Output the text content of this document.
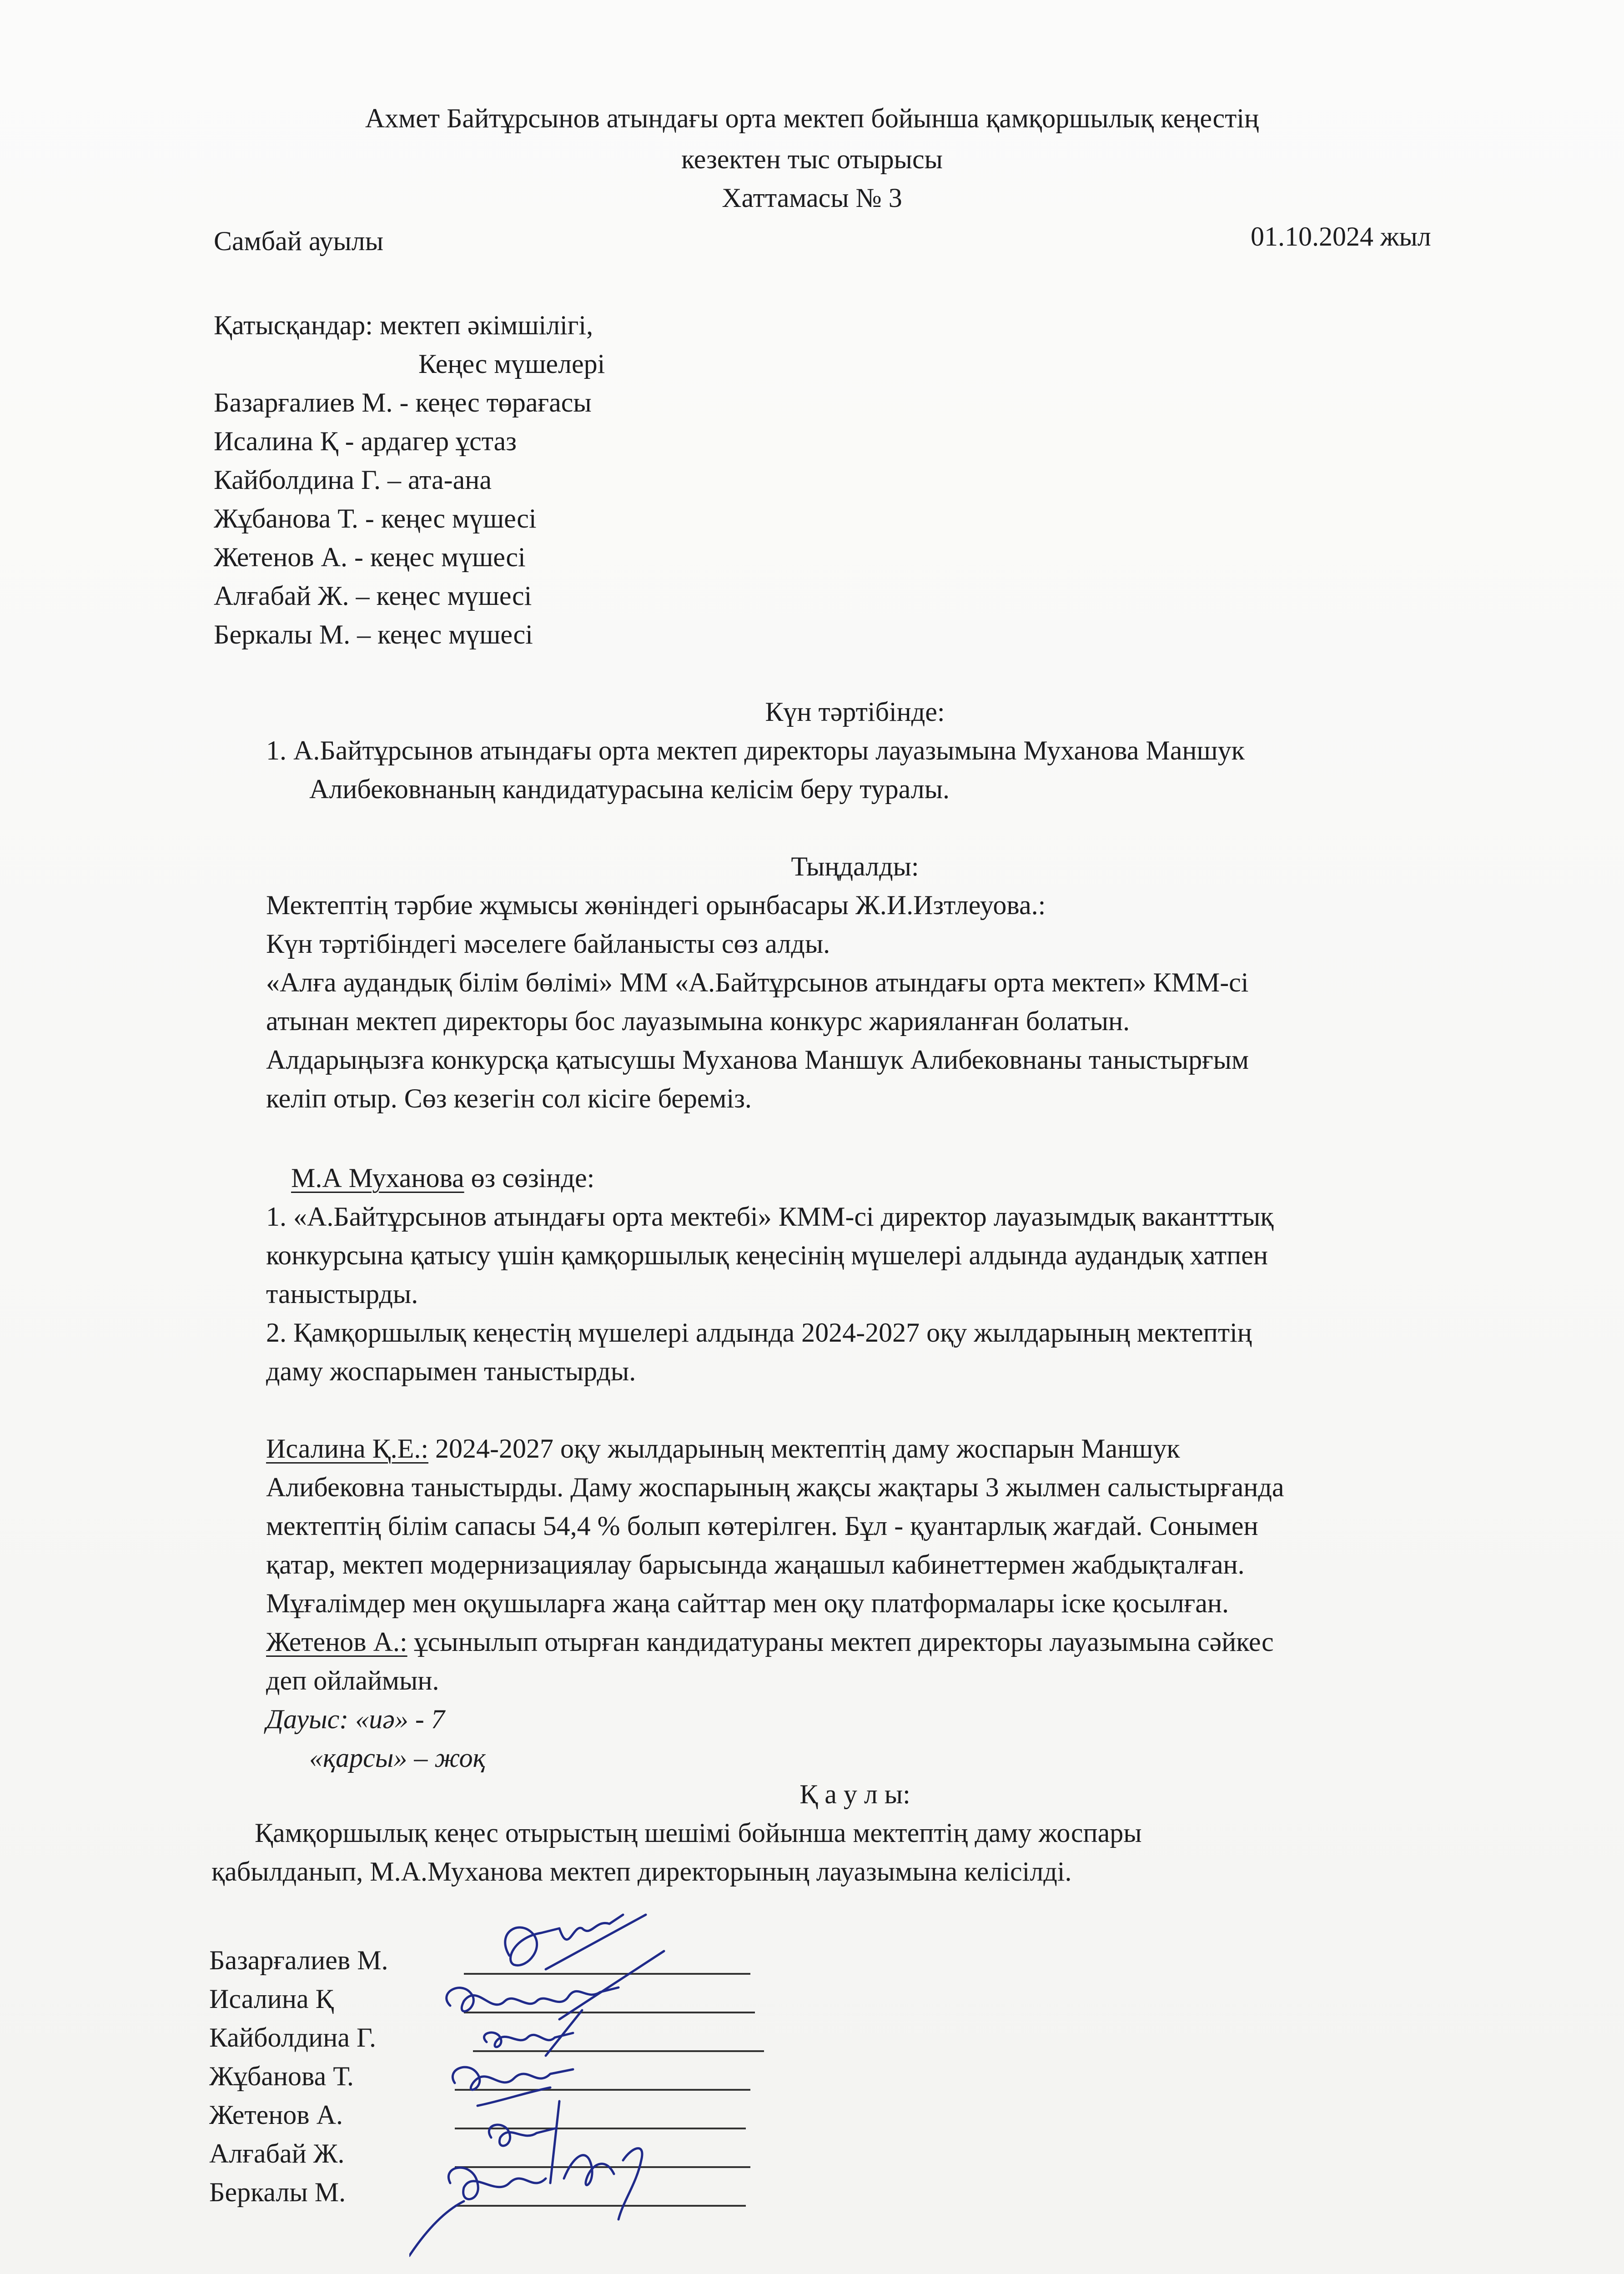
Ахмет Байтұрсынов атындағы орта мектеп бойынша қамқоршылық кеңестің
кезектен тыс отырысы
Хаттамасы № 3
Самбай ауылы	01.10.2024 жыл
Қатысқандар: мектеп әкімшілігі,
Кеңес мүшелері
Базарғалиев М. - кеңес төрағасы
Исалина Қ - ардагер ұстаз
Кайболдина Г. – ата-ана
Жұбанова Т. - кеңес мүшесі
Жетенов А. - кеңес мүшесі
Алғабай Ж. – кеңес мүшесі
Беркалы М. – кеңес мүшесі
Күн тәртібінде:
1. А.Байтұрсынов атындағы орта мектеп директоры лауазымына Муханова Маншук
Алибековнаның кандидатурасына келісім беру туралы.
Тыңдалды:
Мектептің тәрбие жұмысы жөніндегі орынбасары Ж.И.Изтлеуова.:
Күн тәртібіндегі мәселеге байланысты сөз алды.
«Алға аудандық білім бөлімі» ММ «А.Байтұрсынов атындағы орта мектеп» КММ-сі
атынан мектеп директоры бос лауазымына конкурс жарияланған болатын.
Алдарыңызға конкурсқа қатысушы Муханова Маншук Алибековнаны таныстырғым
келіп отыр. Сөз кезегін сол кісіге береміз.
М.А Муханова өз сөзінде:
1. «А.Байтұрсынов атындағы орта мектебі» КММ-сі директор лауазымдық вакантттық
конкурсына қатысу үшін қамқоршылық кеңесінің мүшелері алдында аудандық хатпен
таныстырды.
2. Қамқоршылық кеңестің мүшелері алдында 2024-2027 оқу жылдарының мектептің
даму жоспарымен таныстырды.
Исалина Қ.Е.: 2024-2027 оқу жылдарының мектептің даму жоспарын Маншук
Алибековна таныстырды. Даму жоспарының жақсы жақтары 3 жылмен салыстырғанда
мектептің білім сапасы 54,4 % болып көтерілген. Бұл - қуантарлық жағдай. Сонымен
қатар, мектеп модернизациялау барысында жаңашыл кабинеттермен жабдықталған.
Мұғалімдер мен оқушыларға жаңа сайттар мен оқу платформалары іске қосылған.
Жетенов А.: ұсынылып отырған кандидатураны мектеп директоры лауазымына сәйкес
деп ойлаймын.
Дауыс: «иә» - 7
«қарсы» – жоқ
Қ а у л ы:
Қамқоршылық кеңес отырыстың шешімі бойынша мектептің даму жоспары
қабылданып, М.А.Муханова мектеп директорының лауазымына келісілді.
Базарғалиев М.
Исалина Қ
Кайболдина Г.
Жұбанова Т.
Жетенов А.
Алғабай Ж.
Беркалы М.
